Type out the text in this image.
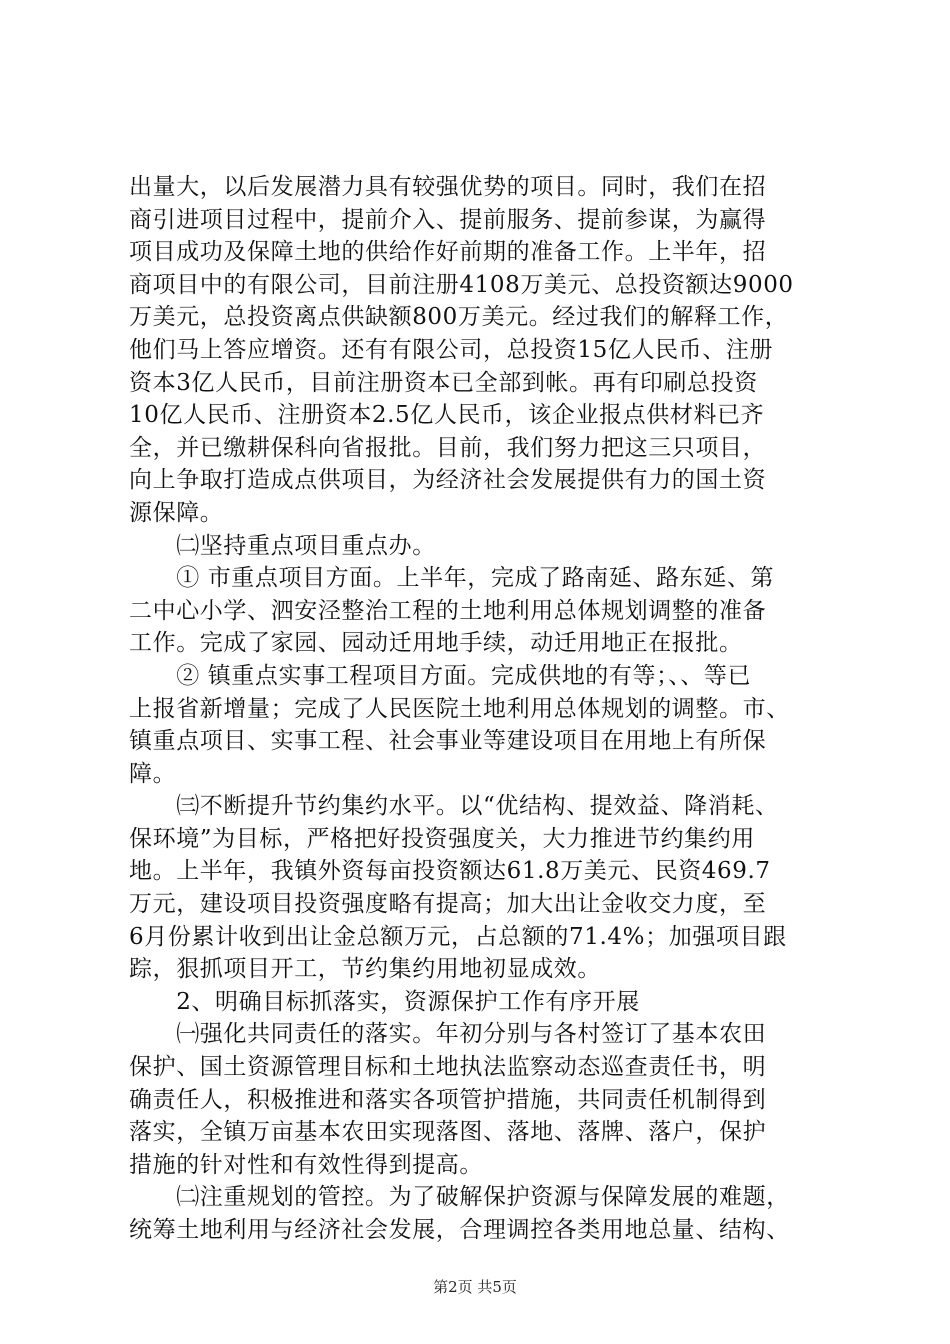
出量大，以后发展潜力具有较强优势的项目。同时，我们在招
商引进项目过程中，提前介入、提前服务、提前参谋，为赢得
项目成功及保障土地的供给作好前期的准备工作。上半年，招
商项目中的有限公司，目前注册4108万美元、总投资额达9000
万美元，总投资离点供缺额800万美元。经过我们的解释工作，
他们马上答应增资。还有有限公司，总投资15亿人民币、注册
资本3亿人民币，目前注册资本已全部到帐。再有印刷总投资
10亿人民币、注册资本2.5亿人民币，该企业报点供材料已齐
全，并已缴耕保科向省报批。目前，我们努力把这三只项目，
向上争取打造成点供项目，为经济社会发展提供有力的国土资
源保障。
　　㈡坚持重点项目重点办。
　　① 市重点项目方面。上半年，完成了路南延、路东延、第
二中心小学、泗安泾整治工程的土地利用总体规划调整的准备
工作。完成了家园、园动迁用地手续，动迁用地正在报批。
　　② 镇重点实事工程项目方面。完成供地的有等；、、等已
上报省新增量；完成了人民医院土地利用总体规划的调整。市、
镇重点项目、实事工程、社会事业等建设项目在用地上有所保
障。
　　㈢不断提升节约集约水平。以“优结构、提效益、降消耗、
保环境”为目标，严格把好投资强度关，大力推进节约集约用
地。上半年，我镇外资每亩投资额达61.8万美元、民资469.7
万元，建设项目投资强度略有提高；加大出让金收交力度，至
6月份累计收到出让金总额万元，占总额的71.4%；加强项目跟
踪，狠抓项目开工，节约集约用地初显成效。
　　2、明确目标抓落实，资源保护工作有序开展
　　㈠强化共同责任的落实。年初分别与各村签订了基本农田
保护、国土资源管理目标和土地执法监察动态巡查责任书，明
确责任人，积极推进和落实各项管护措施，共同责任机制得到
落实，全镇万亩基本农田实现落图、落地、落牌、落户，保护
措施的针对性和有效性得到提高。
　　㈡注重规划的管控。为了破解保护资源与保障发展的难题，
统筹土地利用与经济社会发展，合理调控各类用地总量、结构、
第2页 共5页
